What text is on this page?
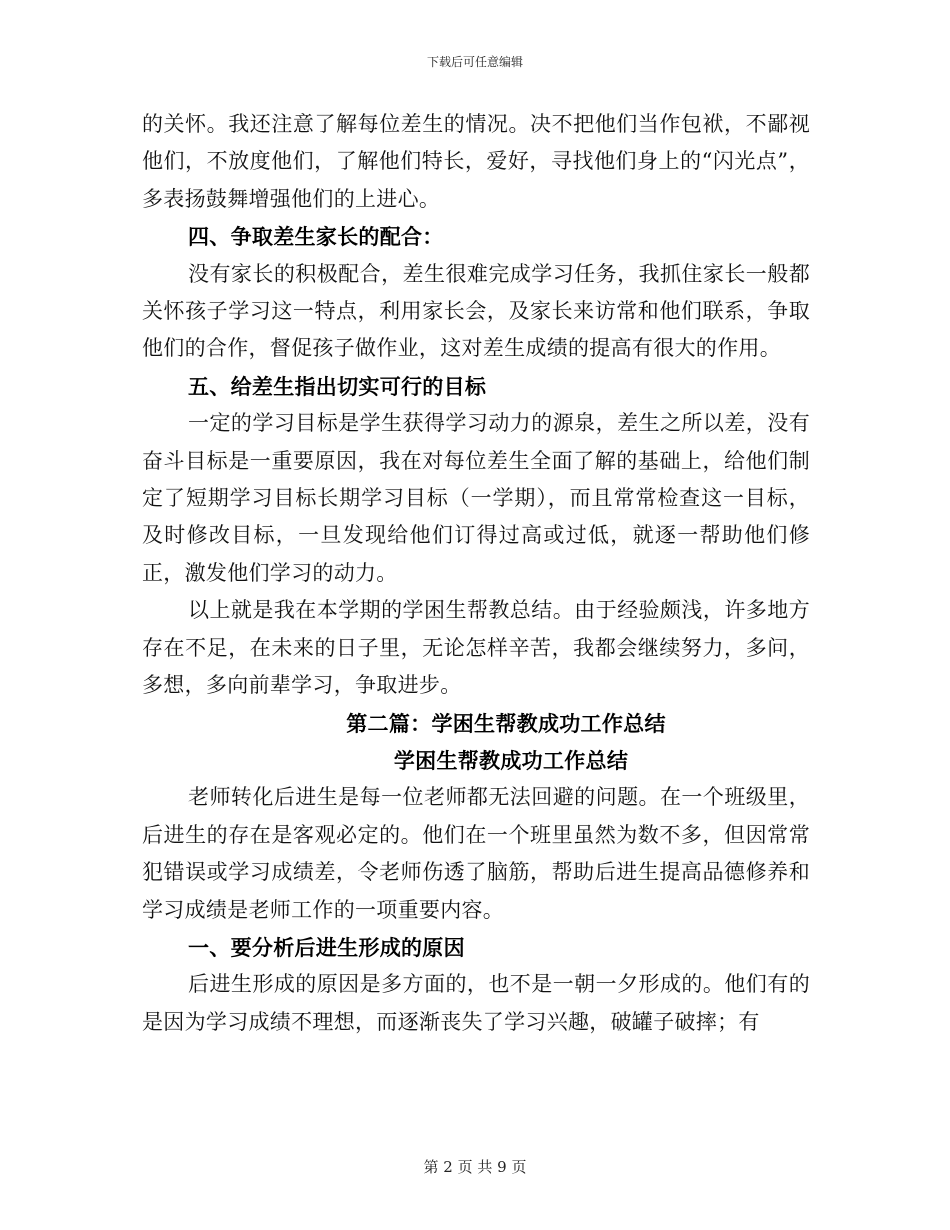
下载后可任意编辑

的关怀。我还注意了解每位差生的情况。决不把他们当作包袱，不鄙视他们，不放度他们，了解他们特长，爱好，寻找他们身上的“闪光点”，多表扬鼓舞增强他们的上进心。

四、争取差生家长的配合：

没有家长的积极配合，差生很难完成学习任务，我抓住家长一般都关怀孩子学习这一特点，利用家长会，及家长来访常和他们联系，争取他们的合作，督促孩子做作业，这对差生成绩的提高有很大的作用。

五、给差生指出切实可行的目标

一定的学习目标是学生获得学习动力的源泉，差生之所以差，没有奋斗目标是一重要原因，我在对每位差生全面了解的基础上，给他们制定了短期学习目标长期学习目标（一学期），而且常常检查这一目标，及时修改目标，一旦发现给他们订得过高或过低，就逐一帮助他们修正，激发他们学习的动力。

以上就是我在本学期的学困生帮教总结。由于经验颇浅，许多地方存在不足，在未来的日子里，无论怎样辛苦，我都会继续努力，多问，多想，多向前辈学习，争取进步。

第二篇：学困生帮教成功工作总结

学困生帮教成功工作总结

老师转化后进生是每一位老师都无法回避的问题。在一个班级里，后进生的存在是客观必定的。他们在一个班里虽然为数不多，但因常常犯错误或学习成绩差，令老师伤透了脑筋，帮助后进生提高品德修养和学习成绩是老师工作的一项重要内容。

一、要分析后进生形成的原因

后进生形成的原因是多方面的，也不是一朝一夕形成的。他们有的是因为学习成绩不理想，而逐渐丧失了学习兴趣，破罐子破摔；有

第 2 页 共 9 页
